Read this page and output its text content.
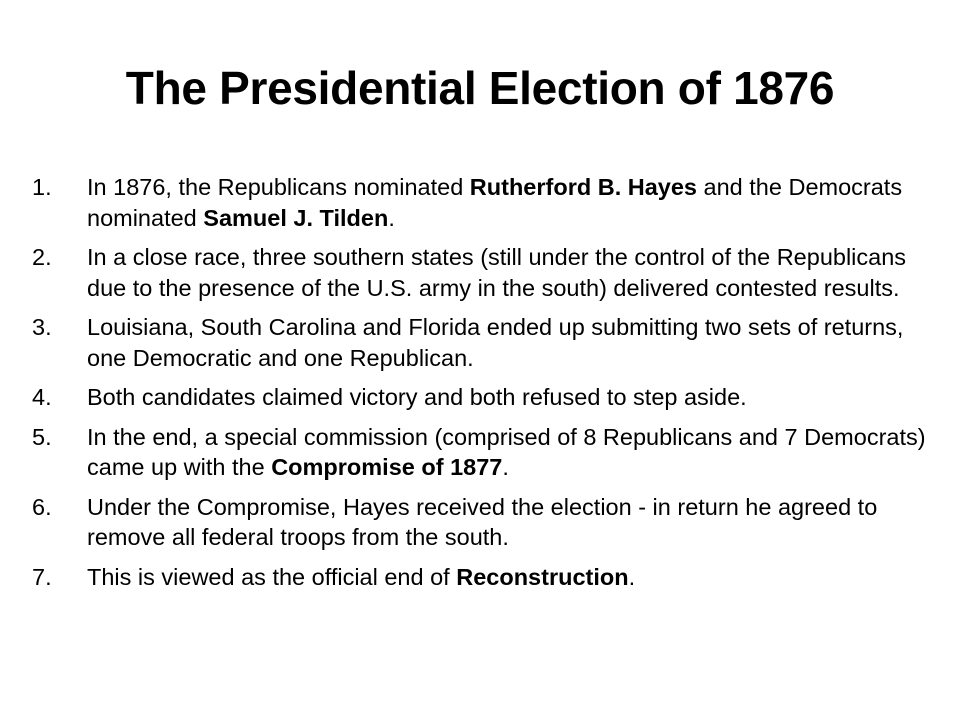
The Presidential Election of 1876
1.	In 1876, the Republicans nominated Rutherford B. Hayes and the Democrats nominated Samuel J. Tilden.
2.	In a close race, three southern states (still under the control of the Republicans due to the presence of the U.S. army in the south) delivered contested results.
3.	Louisiana, South Carolina and Florida ended up submitting two sets of returns, one Democratic and one Republican.
4.	Both candidates claimed victory and both refused to step aside.
5.	In the end, a special commission (comprised of 8 Republicans and 7 Democrats) came up with the Compromise of 1877.
6.	Under the Compromise, Hayes received the election - in return he agreed to remove all federal troops from the south.
7.	This is viewed as the official end of Reconstruction.
